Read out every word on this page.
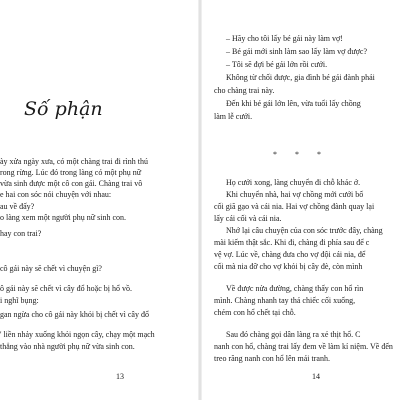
Số phận
ày xửa ngày xưa, có một chàng trai đi rình thú
rong rừng. Lúc đó trong làng có một phụ nữ
vừa sinh được một cô con gái. Chàng trai vô
e hai con sóc nói chuyện với nhau:
au về đấy?
o làng xem một người phụ nữ sinh con.
hay con trai?
cô gái này sẽ chết vì chuyện gì?
ô gái này sẽ chết vì cây đổ hoặc bị hổ vồ.
i nghĩ bụng:
gan ngừa cho cô gái này khỏi bị chết vì cây đổ
' liền nhảy xuống khỏi ngọn cây, chạy một mạch
thẳng vào nhà người phụ nữ vừa sinh con.
13
– Hãy cho tôi lấy bé gái này làm vợ!
– Bé gái mới sinh làm sao lấy làm vợ được?
– Tôi sẽ đợi bé gái lớn rồi cưới.
Không từ chối được, gia đình bé gái đành phải
cho chàng trai này.
Đến khi bé gái lớn lên, vừa tuổi lấy chồng
làm lễ cưới.
* * *
Họ cưới xong, làng chuyển đi chỗ khác ở.
Khi chuyển nhà, hai vợ chồng mới cưới bố
cối giã gạo và cái nia. Hai vợ chồng đành quay lại
lấy cái cối và cái nia.
Nhớ lại câu chuyện của con sóc trước đây, chàng
mài kiếm thật sắc. Khi đi, chàng đi phía sau để c
vệ vợ. Lúc về, chàng đưa cho vợ đội cái nia, để
cối mà nia đỡ cho vợ khỏi bị cây đè, còn mình
Về được nửa đường, chàng thấy con hổ rìn
mình. Chàng nhanh tay thả chiếc cối xuống,
chém con hổ chết tại chỗ.
Sau đó chàng gọi dân làng ra xẻ thịt hổ. C
nanh con hổ, chàng trai lấy đem về làm kỉ niệm. Về đến
treo răng nanh con hổ lên mái tranh.
14
